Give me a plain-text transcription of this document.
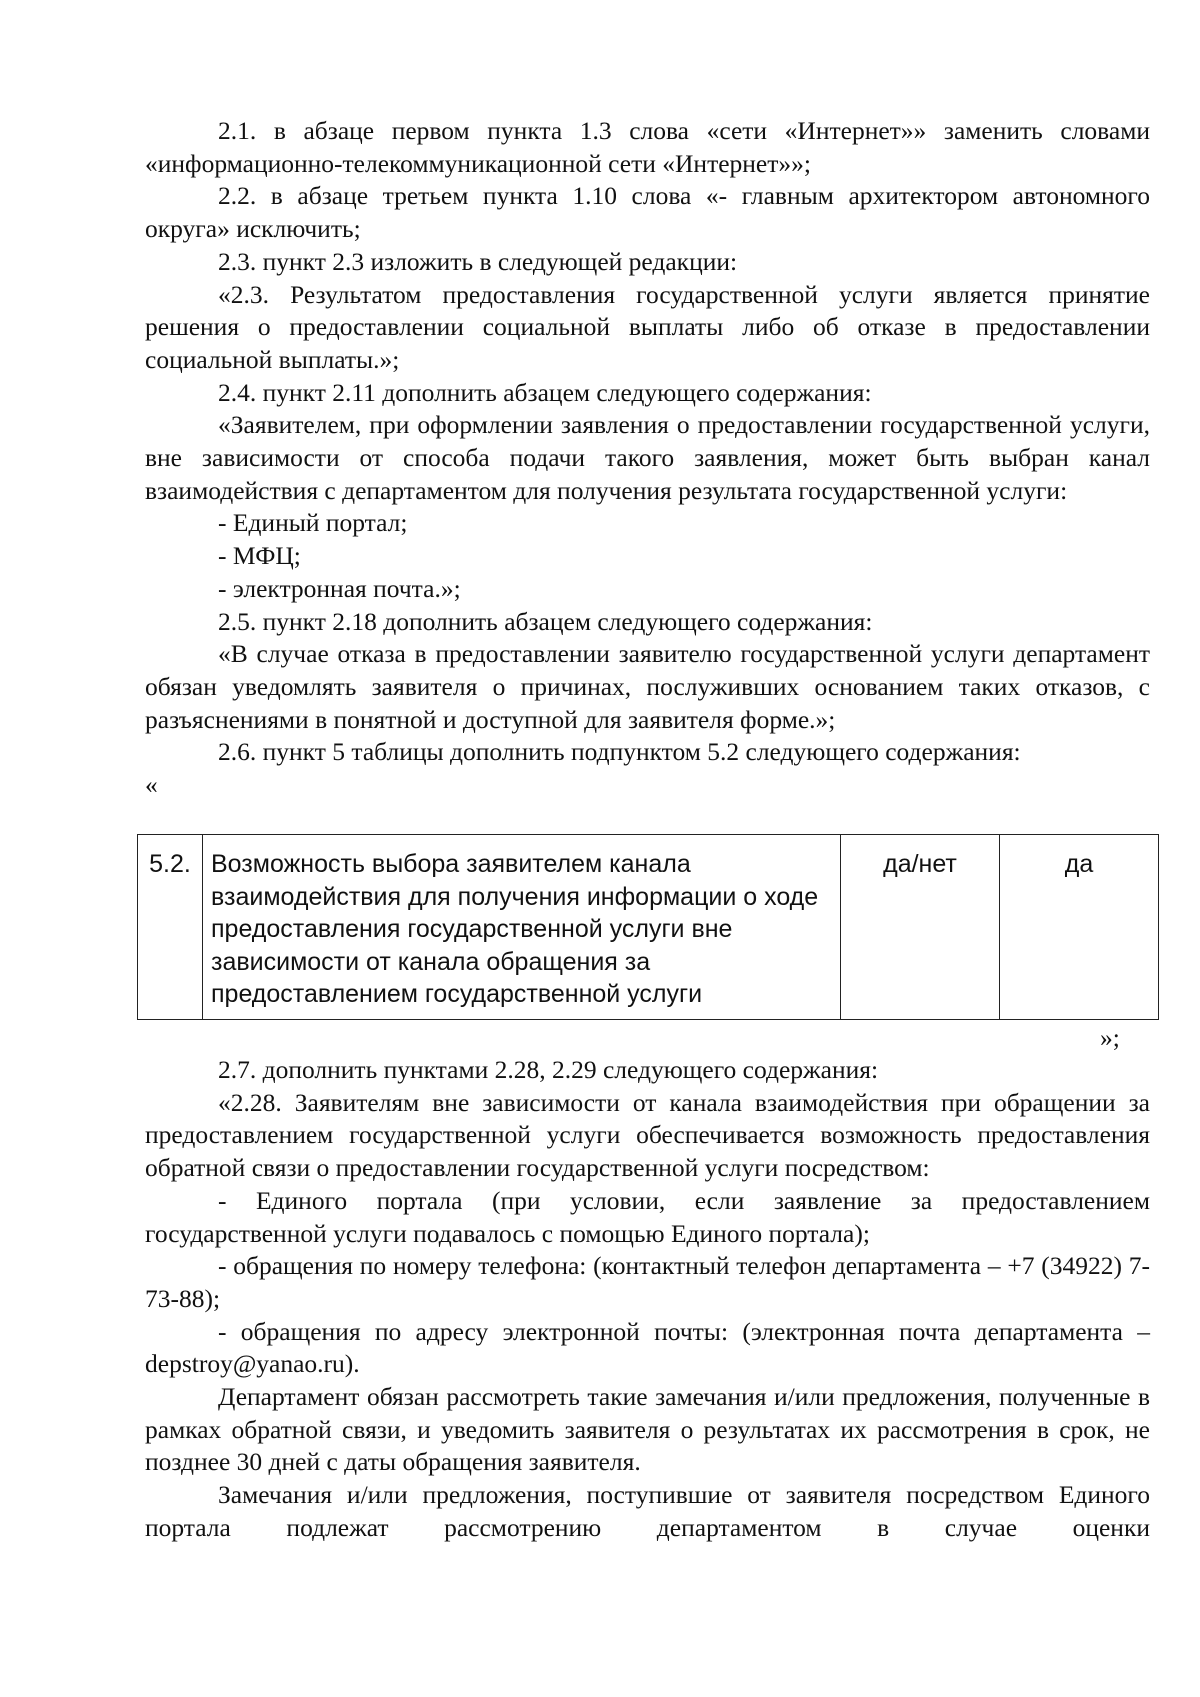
2.1. в абзаце первом пункта 1.3 слова «сети «Интернет»» заменить словами «информационно-телекоммуникационной сети «Интернет»»;

2.2. в абзаце третьем пункта 1.10 слова «- главным архитектором автономного округа» исключить;

2.3. пункт 2.3 изложить в следующей редакции:

«2.3. Результатом предоставления государственной услуги является принятие решения о предоставлении социальной выплаты либо об отказе в предоставлении социальной выплаты.»;

2.4. пункт 2.11 дополнить абзацем следующего содержания:

«Заявителем, при оформлении заявления о предоставлении государственной услуги, вне зависимости от способа подачи такого заявления, может быть выбран канал взаимодействия с департаментом для получения результата государственной услуги:

- Единый портал;

- МФЦ;

- электронная почта.»;

2.5. пункт 2.18 дополнить абзацем следующего содержания:

«В случае отказа в предоставлении заявителю государственной услуги департамент обязан уведомлять заявителя о причинах, послуживших основанием таких отказов, с разъяснениями в понятной и доступной для заявителя форме.»;

2.6. пункт 5 таблицы дополнить подпунктом 5.2 следующего содержания:

«

5.2.	Возможность выбора заявителем канала взаимодействия для получения информации о ходе предоставления государственной услуги вне зависимости от канала обращения за предоставлением государственной услуги	да/нет	да
»;

2.7. дополнить пунктами 2.28, 2.29 следующего содержания:

«2.28. Заявителям вне зависимости от канала взаимодействия при обращении за предоставлением государственной услуги обеспечивается возможность предоставления обратной связи о предоставлении государственной услуги посредством:

- Единого портала (при условии, если заявление за предоставлением государственной услуги подавалось с помощью Единого портала);

- обращения по номеру телефона: (контактный телефон департамента – +7 (34922) 7-73-88);

- обращения по адресу электронной почты: (электронная почта департамента – depstroy@yanao.ru).

Департамент обязан рассмотреть такие замечания и/или предложения, полученные в рамках обратной связи, и уведомить заявителя о результатах их рассмотрения в срок, не позднее 30 дней с даты обращения заявителя.

Замечания и/или предложения, поступившие от заявителя посредством Единого портала подлежат рассмотрению департаментом в случае оценки
